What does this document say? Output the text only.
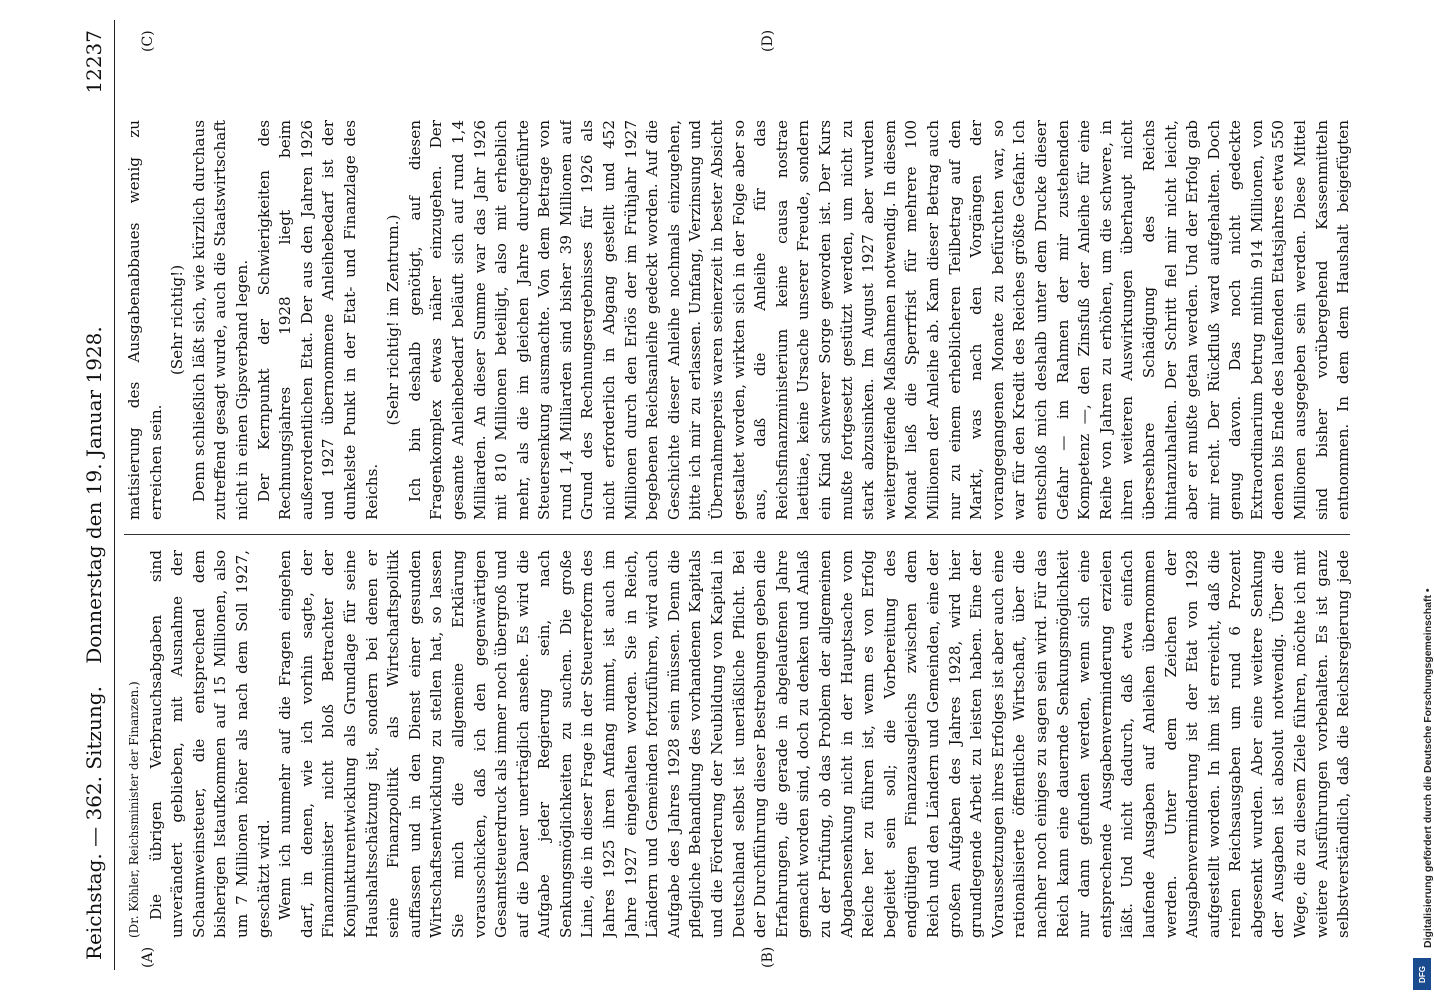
Reichstag. — 362. Sitzung.
Donnerstag den 19. Januar 1928.
12237
(A)	(B)
(C)	(D)

(Dr. Köhler, Reichsminister der Finanzen.) Die übrigen Verbrauchsabgaben sind unverändert geblieben, mit Ausnahme der Schaumweinsteuer, die entsprechend dem bisherigen Istaufkommen auf 15 Millionen, also um 7 Millionen höher als nach dem Soll 1927, geschätzt wird. Wenn ich nunmehr auf die Fragen eingehen darf, in denen, wie ich vorhin sagte, der Finanzminister nicht bloß Betrachter der Konjunkturentwicklung als Grundlage für seine Haushaltsschätzung ist, sondern bei denen er seine Finanzpolitik als Wirtschaftspolitik auffassen und in den Dienst einer gesunden Wirtschaftsentwicklung zu stellen hat, so lassen Sie mich die allgemeine Erklärung vorausschicken, daß ich den gegenwärtigen Gesamtsteuerdruck als immer noch übergroß und auf die Dauer unerträglich ansehe. Es wird die Aufgabe jeder Regierung sein, nach Senkungsmöglichkeiten zu suchen. Die große Linie, die in dieser Frage in der Steuerreform des Jahres 1925 ihren Anfang nimmt, ist auch im Jahre 1927 eingehalten worden. Sie in Reich, Ländern und Gemeinden fortzuführen, wird auch Aufgabe des Jahres 1928 sein müssen. Denn die pflegliche Behandlung des vorhandenen Kapitals und die Förderung der Neubildung von Kapital in Deutschland selbst ist unerläßliche Pflicht. Bei der Durchführung dieser Bestrebungen geben die Erfahrungen, die gerade in abgelaufenen Jahre gemacht worden sind, doch zu denken und Anlaß zu der Prüfung, ob das Problem der allgemeinen Abgabensenkung nicht in der Hauptsache vom Reiche her zu führen ist, wenn es von Erfolg begleitet sein soll; die Vorbereitung des endgültigen Finanzausgleichs zwischen dem Reich und den Ländern und Gemeinden, eine der großen Aufgaben des Jahres 1928, wird hier grundlegende Arbeit zu leisten haben. Eine der Voraussetzungen ihres Erfolges ist aber auch eine rationalisierte öffentliche Wirtschaft, über die nachher noch einiges zu sagen sein wird. Für das Reich kann eine dauernde Senkungsmöglichkeit nur dann gefunden werden, wenn sich eine entsprechende Ausgabenverminderung erzielen läßt. Und nicht dadurch, daß etwa einfach laufende Ausgaben auf Anleihen übernommen werden. Unter dem Zeichen der Ausgabenverminderung ist der Etat von 1928 aufgestellt worden. In ihm ist erreicht, daß die reinen Reichsausgaben um rund 6 Prozent abgesenkt wurden. Aber eine weitere Senkung der Ausgaben ist absolut notwendig. Über die Wege, die zu diesem Ziele führen, möchte ich mit weitere Ausführungen vorbehalten. Es ist ganz selbstverständlich, daß die Reichsregierung jede

matisierung des Ausgabenabbaues wenig zu erreichen sein.

(Sehr richtig!) Denn schließlich läßt sich, wie kürzlich durchaus zutreffend gesagt wurde, auch die Staatswirtschaft nicht in einen Gipsverband legen. Der Kernpunkt der Schwierigkeiten des Rechnungsjahres 1928 liegt beim außerordentlichen Etat. Der aus den Jahren 1926 und 1927 übernommene Anleihebedarf ist der dunkelste Punkt in der Etat- und Finanzlage des Reichs.

(Sehr richtig! im Zentrum.)

Ich bin deshalb genötigt, auf diesen Fragenkomplex etwas näher einzugehen. Der gesamte Anleihebedarf beläuft sich auf rund 1,4 Milliarden. An dieser Summe war das Jahr 1926 mit 810 Millionen beteiligt, also mit erheblich mehr, als die im gleichen Jahre durchgeführte Steuersenkung ausmachte. Von dem Betrage von rund 1,4 Milliarden sind bisher 39 Millionen auf Grund des Rechnungsergebnisses für 1926 als nicht erforderlich in Abgang gestellt und 452 Millionen durch den Erlös der im Frühjahr 1927 begebenen Reichsanleihe gedeckt worden. Auf die Geschichte dieser Anleihe nochmals einzugehen, bitte ich mir zu erlassen. Umfang, Verzinsung und Übernahmepreis waren seinerzeit in bester Absicht gestaltet worden, wirkten sich in der Folge aber so aus, daß die Anleihe für das Reichsfinanzministerium keine causa nostrae laetitiae, keine Ursache unserer Freude, sondern ein Kind schwerer Sorge geworden ist. Der Kurs mußte fortgesetzt gestützt werden, um nicht zu stark abzusinken. Im August 1927 aber wurden weitergreifende Maßnahmen notwendig. In diesem Monat ließ die Sperrfrist für mehrere 100 Millionen der Anleihe ab. Kam dieser Betrag auch nur zu einem erheblicheren Teilbetrag auf den Markt, was nach den Vorgängen der vorangegangenen Monate zu befürchten war, so war für den Kredit des Reiches größte Gefahr. Ich entschloß mich deshalb unter dem Drucke dieser Gefahr — im Rahmen der mir zustehenden Kompetenz —, den Zinsfuß der Anleihe für eine Reihe von Jahren zu erhöhen, um die schwere, in ihren weiteren Auswirkungen überhaupt nicht übersehbare Schädigung des Reichs hintanzuhalten. Der Schritt fiel mir nicht leicht, aber er mußte getan werden. Und der Erfolg gab mir recht. Der Rückfluß ward aufgehalten. Doch genug davon. Das noch nicht gedeckte Extraordinarium betrug mithin 914 Millionen, von denen bis Ende des laufenden Etatsjahres etwa 550 Millionen ausgegeben sein werden. Diese Mittel sind bisher vorübergehend Kassenmitteln entnommen. In dem dem Haushalt beigefügten

Digitalisierung gefördert durch die Deutsche Forschungsgemeinschaft •
DFG
